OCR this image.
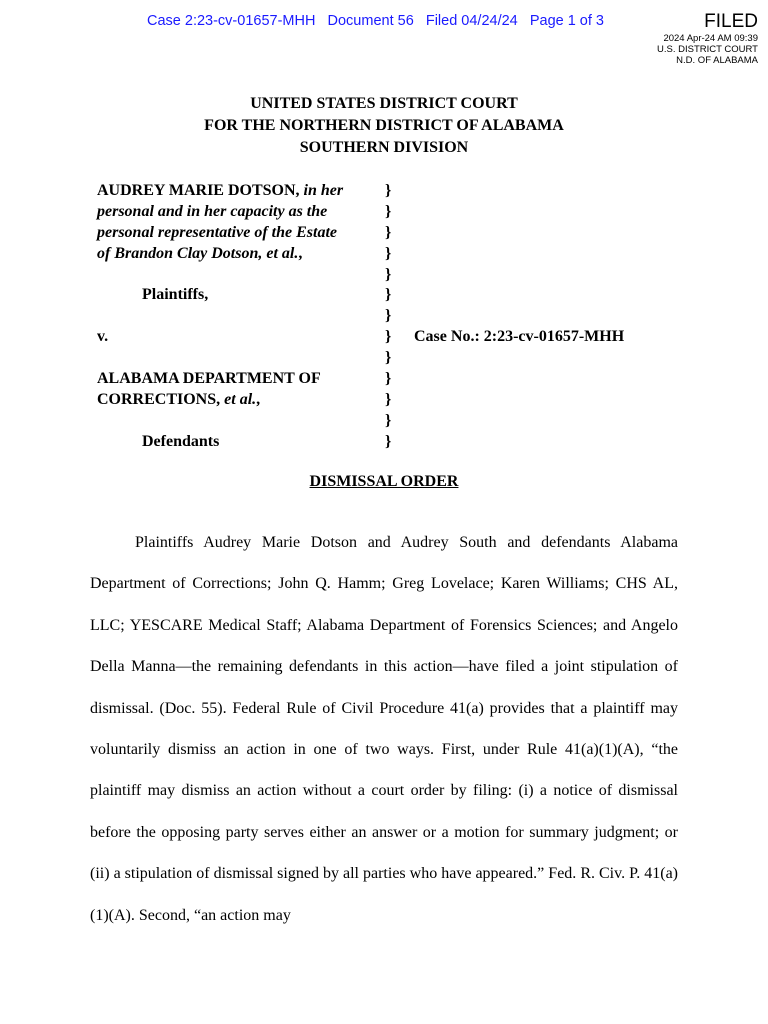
Case 2:23-cv-01657-MHH   Document 56   Filed 04/24/24   Page 1 of 3	FILED
2024 Apr-24 AM 09:39
U.S. DISTRICT COURT
N.D. OF ALABAMA
UNITED STATES DISTRICT COURT
FOR THE NORTHERN DISTRICT OF ALABAMA
SOUTHERN DIVISION
AUDREY MARIE DOTSON, in her
personal and in her capacity as the
personal representative of the Estate
of Brandon Clay Dotson, et al.,
Plaintiffs,
v.
ALABAMA DEPARTMENT OF
CORRECTIONS, et al.,
Defendants
}
}
}
}
}
}
}
}
}
}
}
}
}
Case No.: 2:23-cv-01657-MHH
DISMISSAL ORDER

Plaintiffs Audrey Marie Dotson and Audrey South and defendants Alabama Department of Corrections; John Q. Hamm; Greg Lovelace; Karen Williams; CHS AL, LLC; YESCARE Medical Staff; Alabama Department of Forensics Sciences; and Angelo Della Manna—the remaining defendants in this action—have filed a joint stipulation of dismissal. (Doc. 55). Federal Rule of Civil Procedure 41(a) provides that a plaintiff may voluntarily dismiss an action in one of two ways. First, under Rule 41(a)(1)(A), “the plaintiff may dismiss an action without a court order by filing: (i) a notice of dismissal before the opposing party serves either an answer or a motion for summary judgment; or (ii) a stipulation of dismissal signed by all parties who have appeared.” Fed. R. Civ. P. 41(a)(1)(A). Second, “an action may
